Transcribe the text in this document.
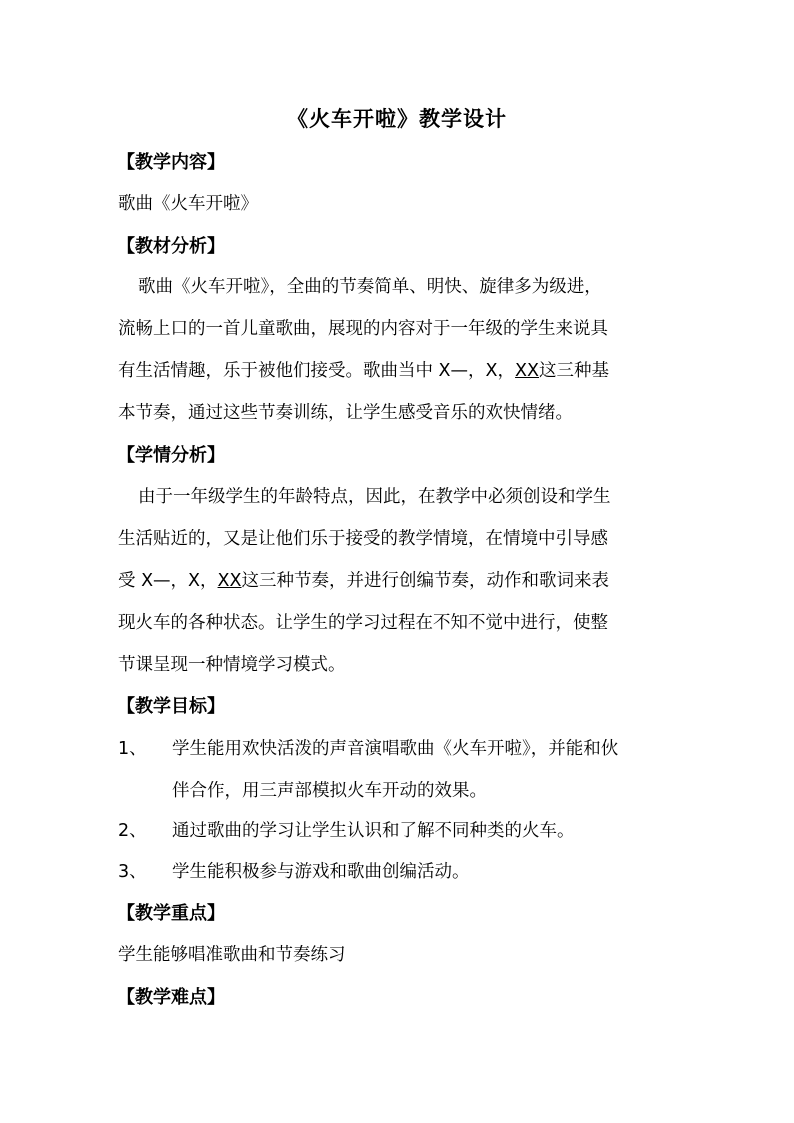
《火车开啦》教学设计
【教学内容】
歌曲《火车开啦》
【教材分析】
歌曲《火车开啦》，全曲的节奏简单、明快、旋律多为级进，
流畅上口的一首儿童歌曲，展现的内容对于一年级的学生来说具
有生活情趣，乐于被他们接受。歌曲当中 X—，X，XX这三种基
本节奏，通过这些节奏训练，让学生感受音乐的欢快情绪。
【学情分析】
由于一年级学生的年龄特点，因此，在教学中必须创设和学生
生活贴近的，又是让他们乐于接受的教学情境，在情境中引导感
受 X—，X，XX这三种节奏，并进行创编节奏，动作和歌词来表
现火车的各种状态。让学生的学习过程在不知不觉中进行，使整
节课呈现一种情境学习模式。
【教学目标】
1、 学生能用欢快活泼的声音演唱歌曲《火车开啦》，并能和伙
伴合作，用三声部模拟火车开动的效果。
2、 通过歌曲的学习让学生认识和了解不同种类的火车。
3、 学生能积极参与游戏和歌曲创编活动。
【教学重点】
学生能够唱准歌曲和节奏练习
【教学难点】
